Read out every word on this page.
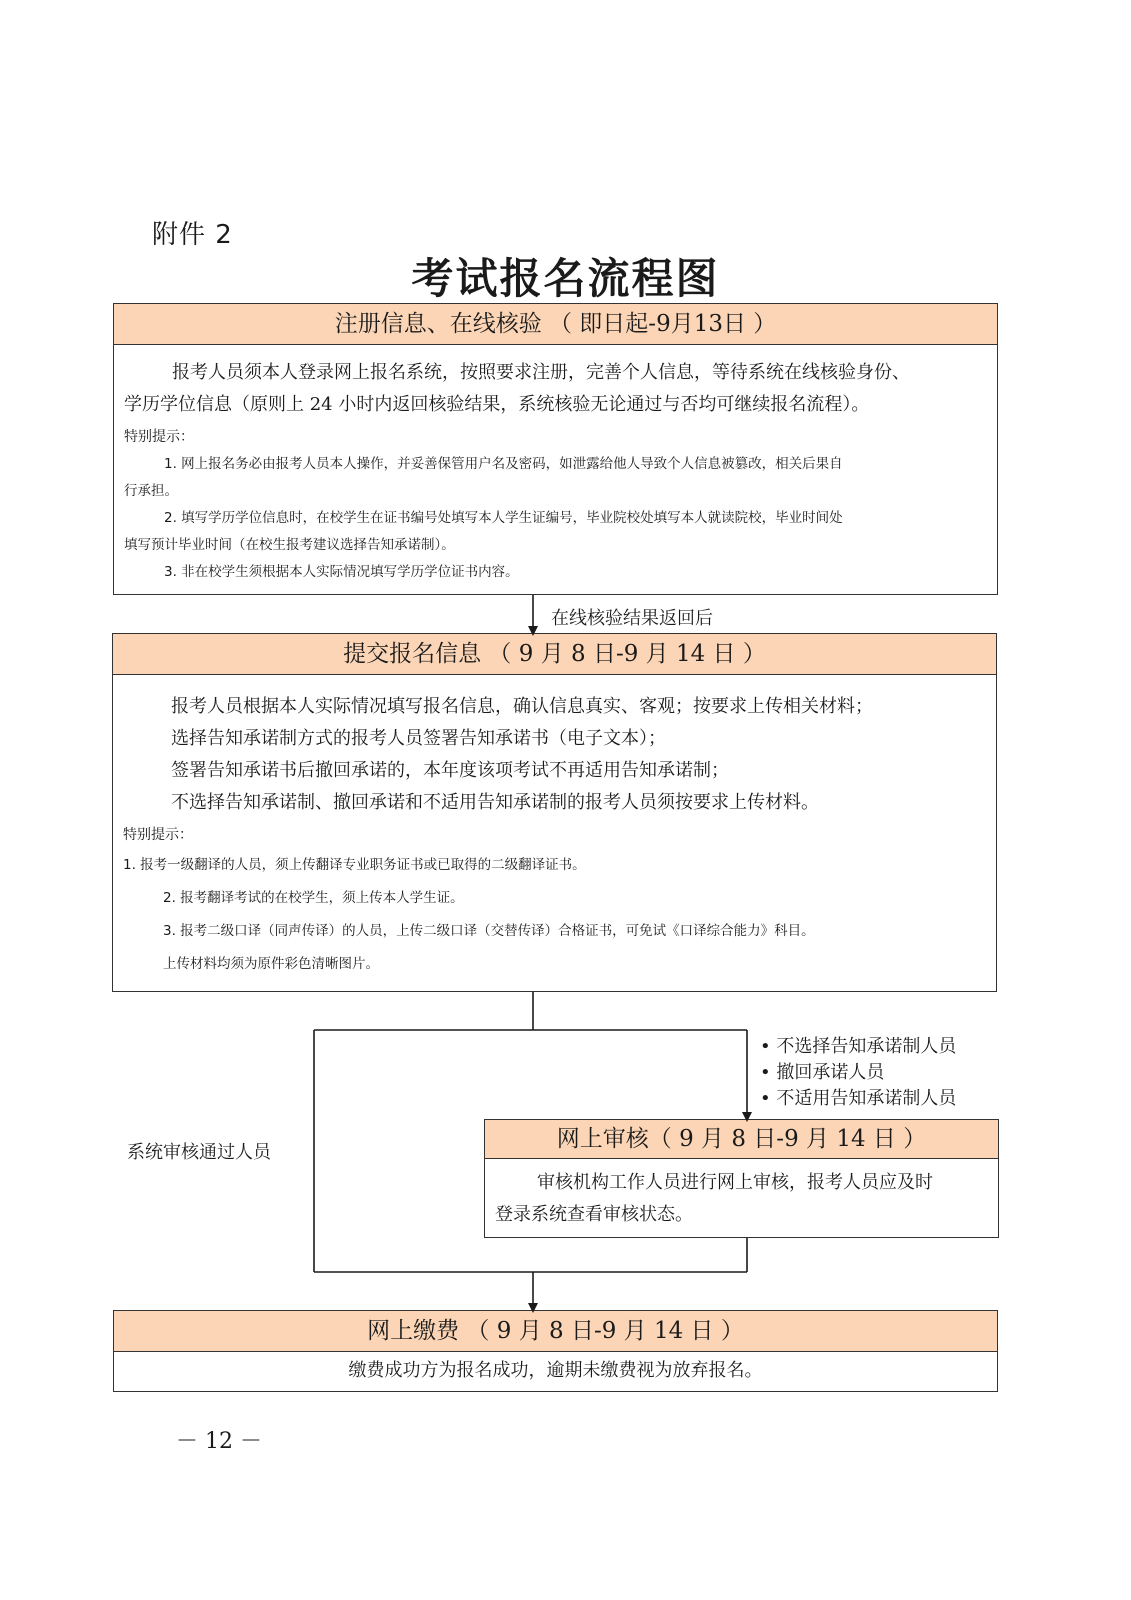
附件 2
考试报名流程图
注册信息、在线核验 （ 即日起-9月13日 ）
报考人员须本人登录网上报名系统，按照要求注册，完善个人信息，等待系统在线核验身份、
学历学位信息（原则上 24 小时内返回核验结果，系统核验无论通过与否均可继续报名流程）。
特别提示：
1. 网上报名务必由报考人员本人操作，并妥善保管用户名及密码，如泄露给他人导致个人信息被篡改，相关后果自
行承担。
2. 填写学历学位信息时，在校学生在证书编号处填写本人学生证编号，毕业院校处填写本人就读院校，毕业时间处
填写预计毕业时间（在校生报考建议选择告知承诺制）。
3. 非在校学生须根据本人实际情况填写学历学位证书内容。
在线核验结果返回后
提交报名信息 （ 9 月 8 日-9 月 14 日 ）
报考人员根据本人实际情况填写报名信息，确认信息真实、客观；按要求上传相关材料；
选择告知承诺制方式的报考人员签署告知承诺书（电子文本）；
签署告知承诺书后撤回承诺的，本年度该项考试不再适用告知承诺制；
不选择告知承诺制、撤回承诺和不适用告知承诺制的报考人员须按要求上传材料。
特别提示：
1. 报考一级翻译的人员，须上传翻译专业职务证书或已取得的二级翻译证书。
2. 报考翻译考试的在校学生，须上传本人学生证。
3. 报考二级口译（同声传译）的人员，上传二级口译（交替传译）合格证书，可免试《口译综合能力》科目。
上传材料均须为原件彩色清晰图片。
系统审核通过人员
• 不选择告知承诺制人员
• 撤回承诺人员
• 不适用告知承诺制人员
网上审核（ 9 月 8 日-9 月 14 日 ）
审核机构工作人员进行网上审核，报考人员应及时
登录系统查看审核状态。
网上缴费 （ 9 月 8 日-9 月 14 日 ）
缴费成功方为报名成功，逾期未缴费视为放弃报名。
－ 12 －
